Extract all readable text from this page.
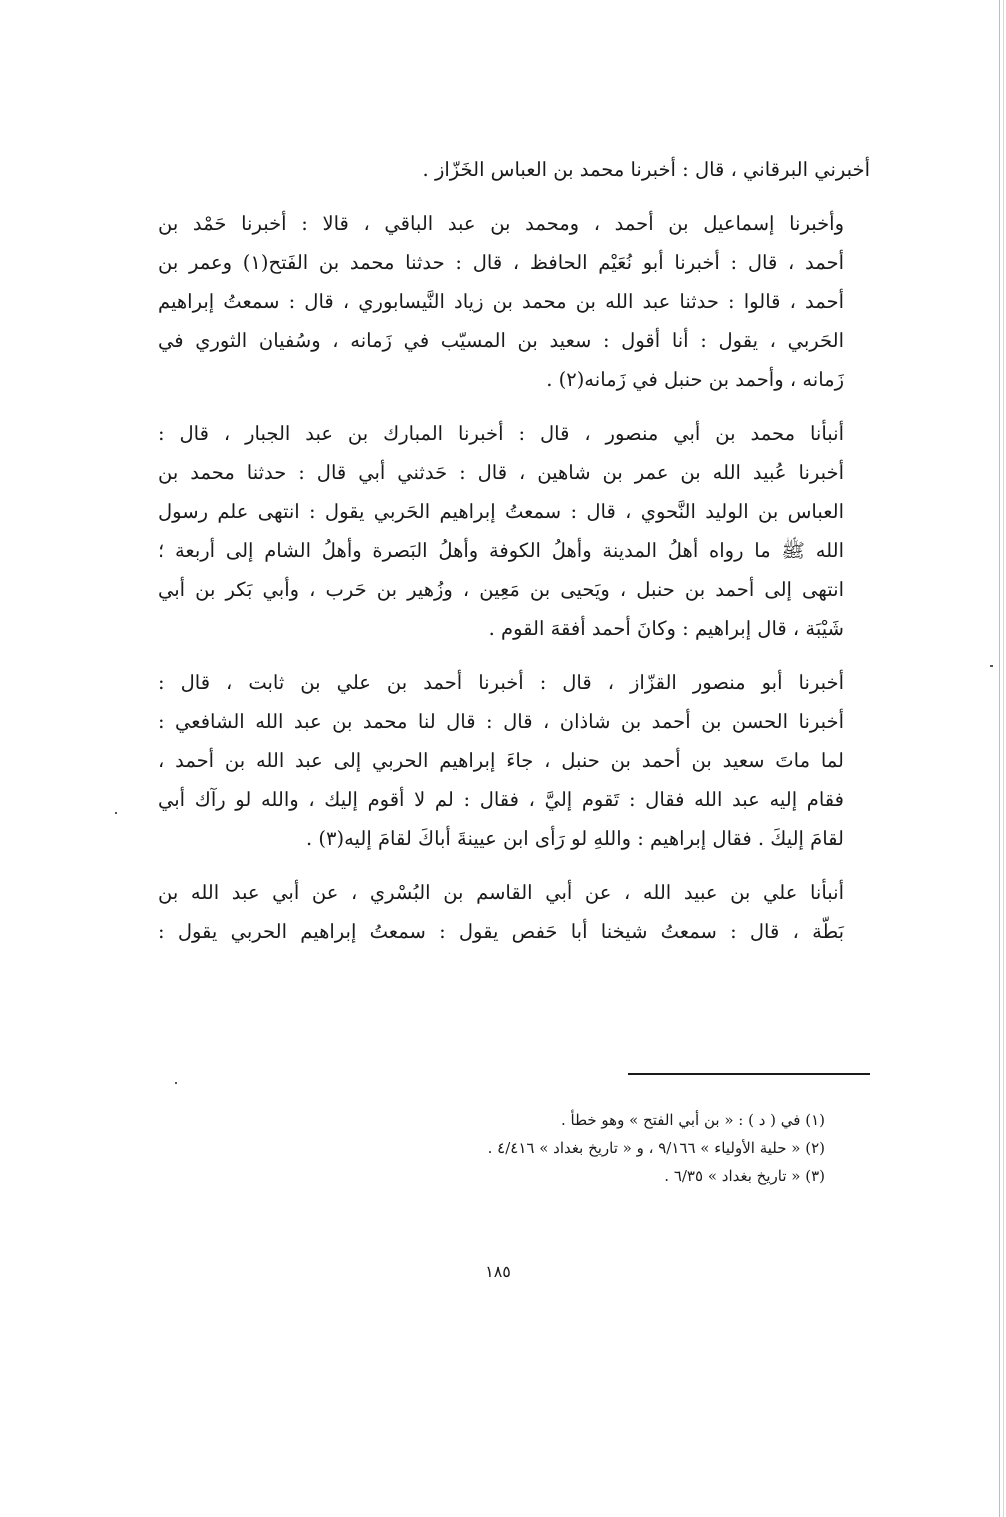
أخبرني البرقاني ، قال : أخبرنا محمد بن العباس الخَزّاز .

وأخبرنا إسماعيل بن أحمد ، ومحمد بن عبد الباقي ، قالا : أخبرنا حَمْد بن
أحمد ، قال : أخبرنا أبو نُعَيْم الحافظ ، قال : حدثنا محمد بن الفَتح(١) وعمر بن
أحمد ، قالوا : حدثنا عبد الله بن محمد بن زياد النَّيسابوري ، قال : سمعتُ إبراهيم
الحَربي ، يقول : أنا أقول : سعيد بن المسيّب في زَمانه ، وسُفيان الثوري في
زَمانه ، وأحمد بن حنبل في زَمانه(٢) .

أنبأنا محمد بن أبي منصور ، قال : أخبرنا المبارك بن عبد الجبار ، قال :
أخبرنا عُبيد الله بن عمر بن شاهين ، قال : حَدثني أبي قال : حدثنا محمد بن
العباس بن الوليد النَّحوي ، قال : سمعتُ إبراهيم الحَربي يقول : انتهى علم رسول
الله ﷺ ما رواه أهلُ المدينة وأهلُ الكوفة وأهلُ البَصرة وأهلُ الشام إلى أربعة ؛
انتهى إلى أحمد بن حنبل ، ويَحيى بن مَعِين ، وزُهير بن حَرب ، وأبي بَكر بن أبي
شَيْبَة ، قال إبراهيم : وكانَ أحمد أفقهَ القوم .

أخبرنا أبو منصور القزّاز ، قال : أخبرنا أحمد بن علي بن ثابت ، قال :
أخبرنا الحسن بن أحمد بن شاذان ، قال : قال لنا محمد بن عبد الله الشافعي :
لما ماتَ سعيد بن أحمد بن حنبل ، جاءَ إبراهيم الحربي إلى عبد الله بن أحمد ،
فقام إليه عبد الله فقال : تَقوم إليَّ ، فقال : لم لا أقوم إليك ، والله لو رآك أبي
لقامَ إليكَ . فقال إبراهيم : واللهِ لو رَأى ابن عيينةَ أباكَ لقامَ إليه(٣) .

أنبأنا علي بن عبيد الله ، عن أبي القاسم بن البُسْري ، عن أبي عبد الله بن
بَطّة ، قال : سمعتُ شيخنا أبا حَفص يقول : سمعتُ إبراهيم الحربي يقول :

(١) في ( د ) : « بن أبي الفتح » وهو خطأ .
(٢) « حلية الأولياء » ٩/١٦٦ ، و « تاريخ بغداد » ٤/٤١٦ .
(٣) « تاريخ بغداد » ٦/٣٥ .
١٨٥
